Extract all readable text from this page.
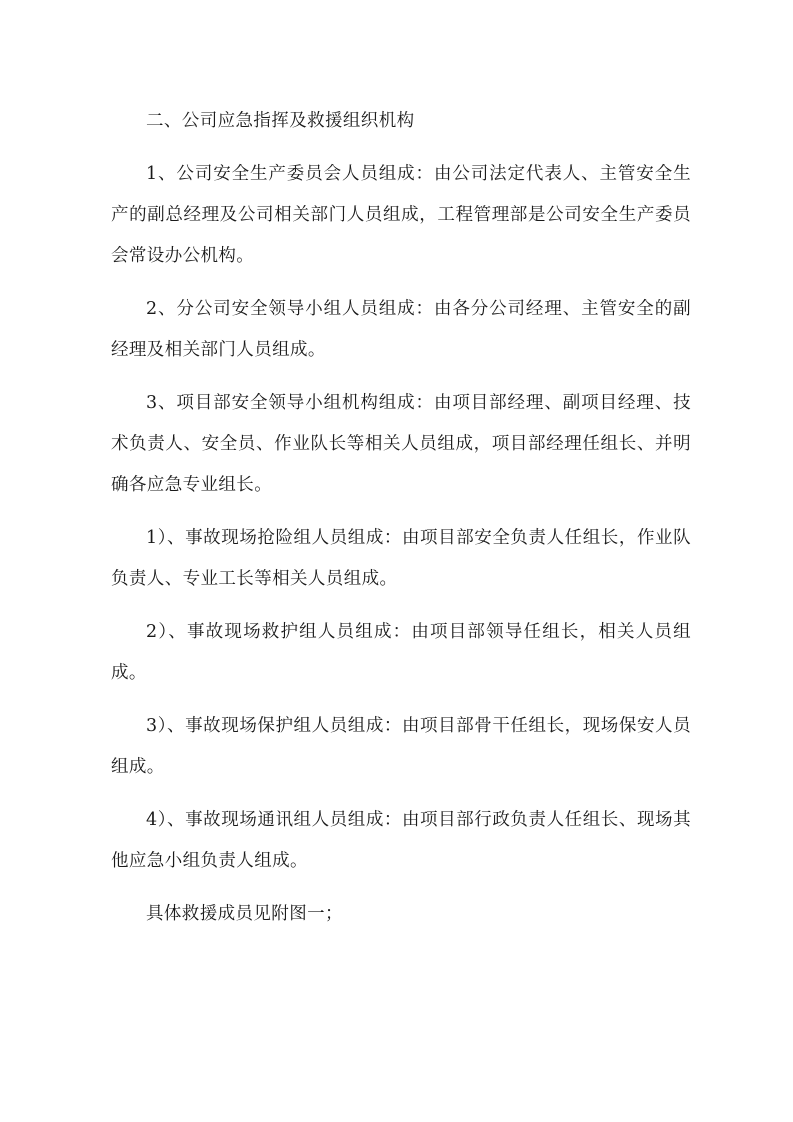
二、公司应急指挥及救援组织机构

1、公司安全生产委员会人员组成：由公司法定代表人、主管安全生产的副总经理及公司相关部门人员组成，工程管理部是公司安全生产委员会常设办公机构。

2、分公司安全领导小组人员组成：由各分公司经理、主管安全的副经理及相关部门人员组成。

3、项目部安全领导小组机构组成：由项目部经理、副项目经理、技术负责人、安全员、作业队长等相关人员组成，项目部经理任组长、并明确各应急专业组长。

1）、事故现场抢险组人员组成：由项目部安全负责人任组长，作业队负责人、专业工长等相关人员组成。

2）、事故现场救护组人员组成：由项目部领导任组长，相关人员组成。

3）、事故现场保护组人员组成：由项目部骨干任组长，现场保安人员组成。

4）、事故现场通讯组人员组成：由项目部行政负责人任组长、现场其他应急小组负责人组成。

具体救援成员见附图一；
